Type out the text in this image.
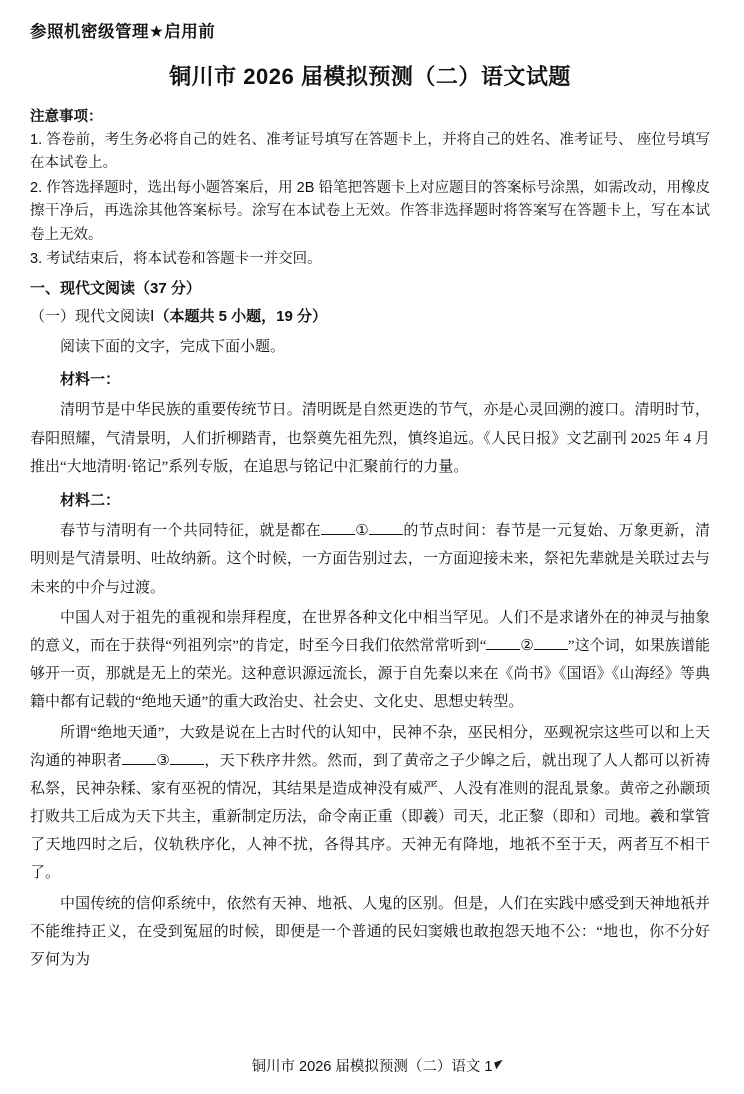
参照机密级管理★启用前
铜川市 2026 届模拟预测（二）语文试题
注意事项：
1. 答卷前，考生务必将自己的姓名、准考证号填写在答题卡上，并将自己的姓名、准考证号、 座位号填写在本试卷上。
2. 作答选择题时，选出每小题答案后，用 2B 铅笔把答题卡上对应题目的答案标号涂黑，如需改动，用橡皮擦干净后，再选涂其他答案标号。涂写在本试卷上无效。作答非选择题时将答案写在答题卡上，写在本试卷上无效。
3. 考试结束后，将本试卷和答题卡一并交回。
一、现代文阅读（37 分）
（一）现代文阅读Ⅰ（本题共 5 小题，19 分）
阅读下面的文字，完成下面小题。
材料一：
清明节是中华民族的重要传统节日。清明既是自然更迭的节气，亦是心灵回溯的渡口。清明时节，春阳照耀，气清景明，人们折柳踏青，也祭奠先祖先烈，慎终追远。《人民日报》文艺副刊 2025 年 4 月推出“大地清明·铭记”系列专版，在追思与铭记中汇聚前行的力量。
材料二：
春节与清明有一个共同特征，就是都在 ① 的节点时间：春节是一元复始、万象更新，清明则是气清景明、吐故纳新。这个时候，一方面告别过去，一方面迎接未来，祭祀先辈就是关联过去与未来的中介与过渡。
中国人对于祖先的重视和崇拜程度，在世界各种文化中相当罕见。人们不是求诸外在的神灵与抽象的意义，而在于获得“列祖列宗”的肯定，时至今日我们依然常常听到“ ② ”这个词，如果族谱能够开一页，那就是无上的荣光。这种意识源远流长，源于自先秦以来在《尚书》《国语》《山海经》等典籍中都有记载的“绝地天通”的重大政治史、社会史、文化史、思想史转型。
所谓“绝地天通”，大致是说在上古时代的认知中，民神不杂，巫民相分，巫觋祝宗这些可以和上天沟通的神职者 ③ ，天下秩序井然。然而，到了黄帝之子少皞之后，就出现了人人都可以祈祷私祭，民神杂糅、家有巫祝的情况，其结果是造成神没有威严、人没有准则的混乱景象。黄帝之孙颛顼打败共工后成为天下共主，重新制定历法，命令南正重（即羲）司天，北正黎（即和）司地。羲和掌管了天地四时之后，仪轨秩序化，人神不扰，各得其序。天神无有降地，地祇不至于天，两者互不相干了。
中国传统的信仰系统中，依然有天神、地祇、人鬼的区别。但是，人们在实践中感受到天神地祇并不能维持正义，在受到冤屈的时候，即便是一个普通的民妇窦娥也敢抱怨天地不公：“地也，你不分好歹何为为
铜川市 2026 届模拟预测（二）语文 1
